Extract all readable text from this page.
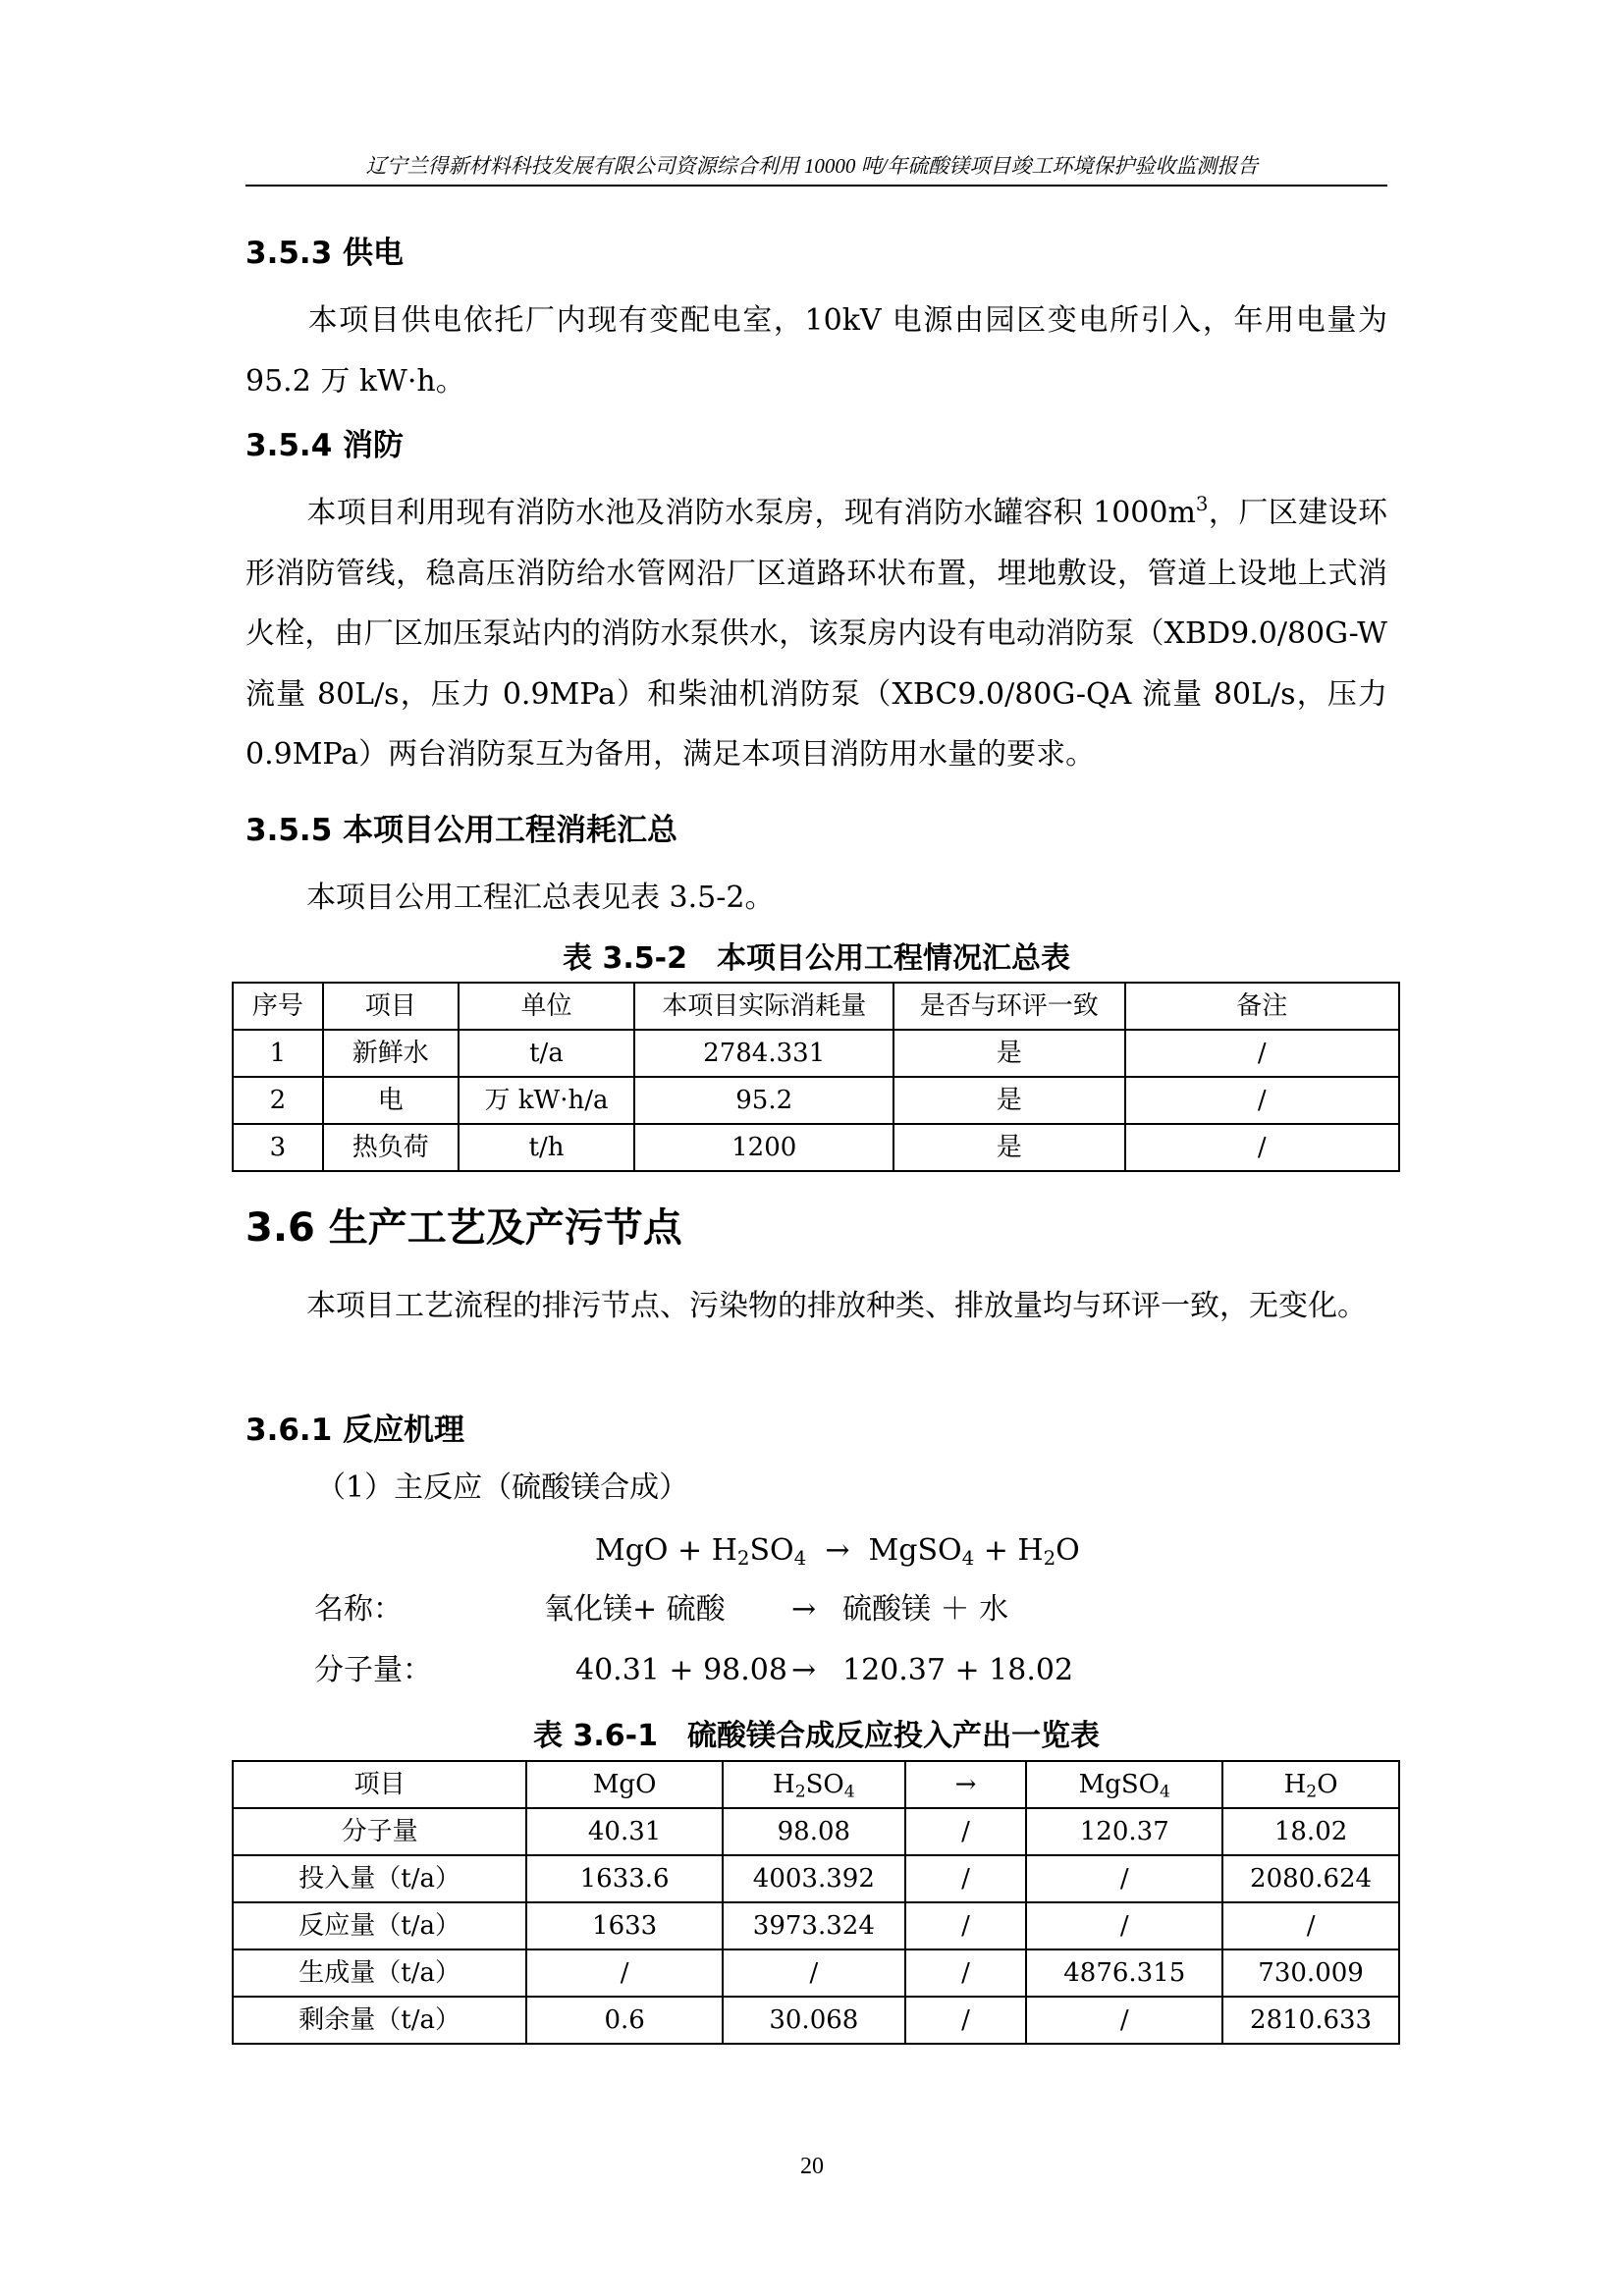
辽宁兰得新材料科技发展有限公司资源综合利用 10000 吨/年硫酸镁项目竣工环境保护验收监测报告
3.5.3 供电
本项目供电依托厂内现有变配电室，10kV 电源由园区变电所引入，年用电量为 95.2 万 kW·h。
3.5.4 消防
本项目利用现有消防水池及消防水泵房，现有消防水罐容积 $1000m^3$，厂区建设环形消防管线，稳高压消防给水管网沿厂区道路环状布置，埋地敷设，管道上设地上式消火栓，由厂区加压泵站内的消防水泵供水，该泵房内设有电动消防泵（XBD9.0/80G-W 流量 80L/s，压力 0.9MPa）和柴油机消防泵（XBC9.0/80G-QA 流量 80L/s，压力 0.9MPa）两台消防泵互为备用，满足本项目消防用水量的要求。
3.5.5 本项目公用工程消耗汇总
本项目公用工程汇总表见表 3.5-2。
表 3.5-2　本项目公用工程情况汇总表
序号	项目	单位	本项目实际消耗量	是否与环评一致	备注
1	新鲜水	t/a	2784.331	是	/
2	电	万 kW·h/a	95.2	是	/
3	热负荷	t/h	1200	是	/
3.6 生产工艺及产污节点
本项目工艺流程的排污节点、污染物的排放种类、排放量均与环评一致，无变化。
3.6.1 反应机理
（1）主反应（硫酸镁合成）
MgO + $H_2SO_4$ → MgSO$_4$ + $H_2O$
名称：	氧化镁+ 硫酸 → 硫酸镁 ＋ 水
分子量：	40.31 + 98.08 → 120.37 + 18.02
表 3.6-1　硫酸镁合成反应投入产出一览表
项目	MgO	$H_2SO_4$	→	MgSO$_4$	$H_2O$
分子量	40.31	98.08	/	120.37	18.02
投入量（t/a）	1633.6	4003.392	/	/	2080.624
反应量（t/a）	1633	3973.324	/	/	/
生成量（t/a）	/	/	/	4876.315	730.009
剩余量（t/a）	0.6	30.068	/	/	2810.633
20
